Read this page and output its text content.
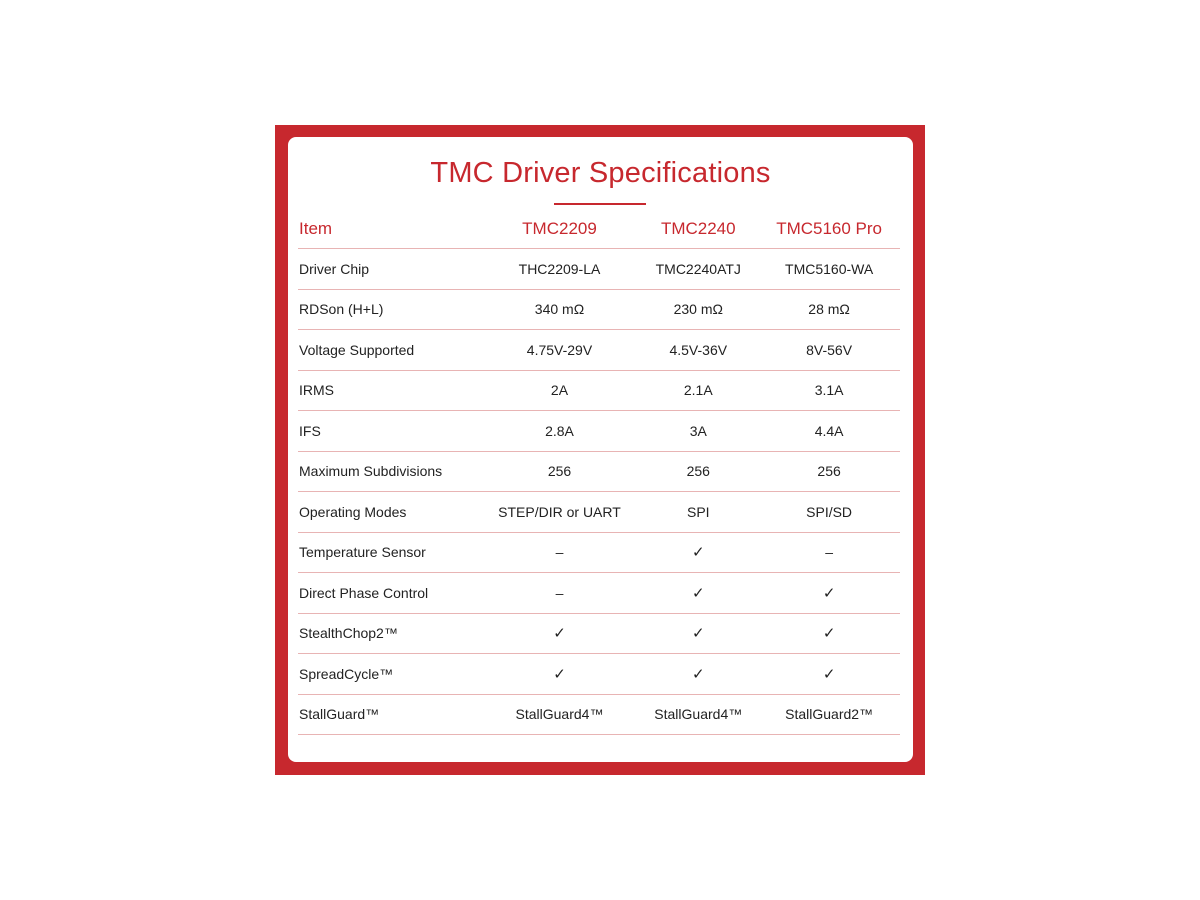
TMC Driver Specifications
Item	TMC2209	TMC2240	TMC5160 Pro
Driver Chip	THC2209-LA	TMC2240ATJ	TMC5160-WA
RDSon (H+L)	340 mΩ	230 mΩ	28 mΩ
Voltage Supported	4.75V-29V	4.5V-36V	8V-56V
IRMS	2A	2.1A	3.1A
IFS	2.8A	3A	4.4A
Maximum Subdivisions	256	256	256
Operating Modes	STEP/DIR or UART	SPI	SPI/SD
Temperature Sensor	–	✓	–
Direct Phase Control	–	✓	✓
StealthChop2™	✓	✓	✓
SpreadCycle™	✓	✓	✓
StallGuard™	StallGuard4™	StallGuard4™	StallGuard2™
